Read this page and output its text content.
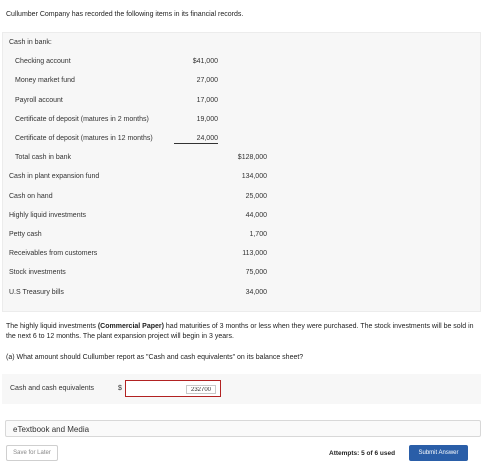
Cullumber Company has recorded the following items in its financial records.
Cash in bank:
Checking account	$41,000
Money market fund	27,000
Payroll account	17,000
Certificate of deposit (matures in 2 months)	19,000
Certificate of deposit (matures in 12 months)	24,000
Total cash in bank	$128,000
Cash in plant expansion fund	134,000
Cash on hand	25,000
Highly liquid investments	44,000
Petty cash	1,700
Receivables from customers	113,000
Stock investments	75,000
U.S Treasury bills	34,000
The highly liquid investments (Commercial Paper) had maturities of 3 months or less when they were purchased. The stock investments will be sold in the next 6 to 12 months. The plant expansion project will begin in 3 years.
(a) What amount should Cullumber report as "Cash and cash equivalents" on its balance sheet?
Cash and cash equivalents	$
232700
eTextbook and Media
Save for Later	Attempts: 5 of 6 used	Submit Answer
